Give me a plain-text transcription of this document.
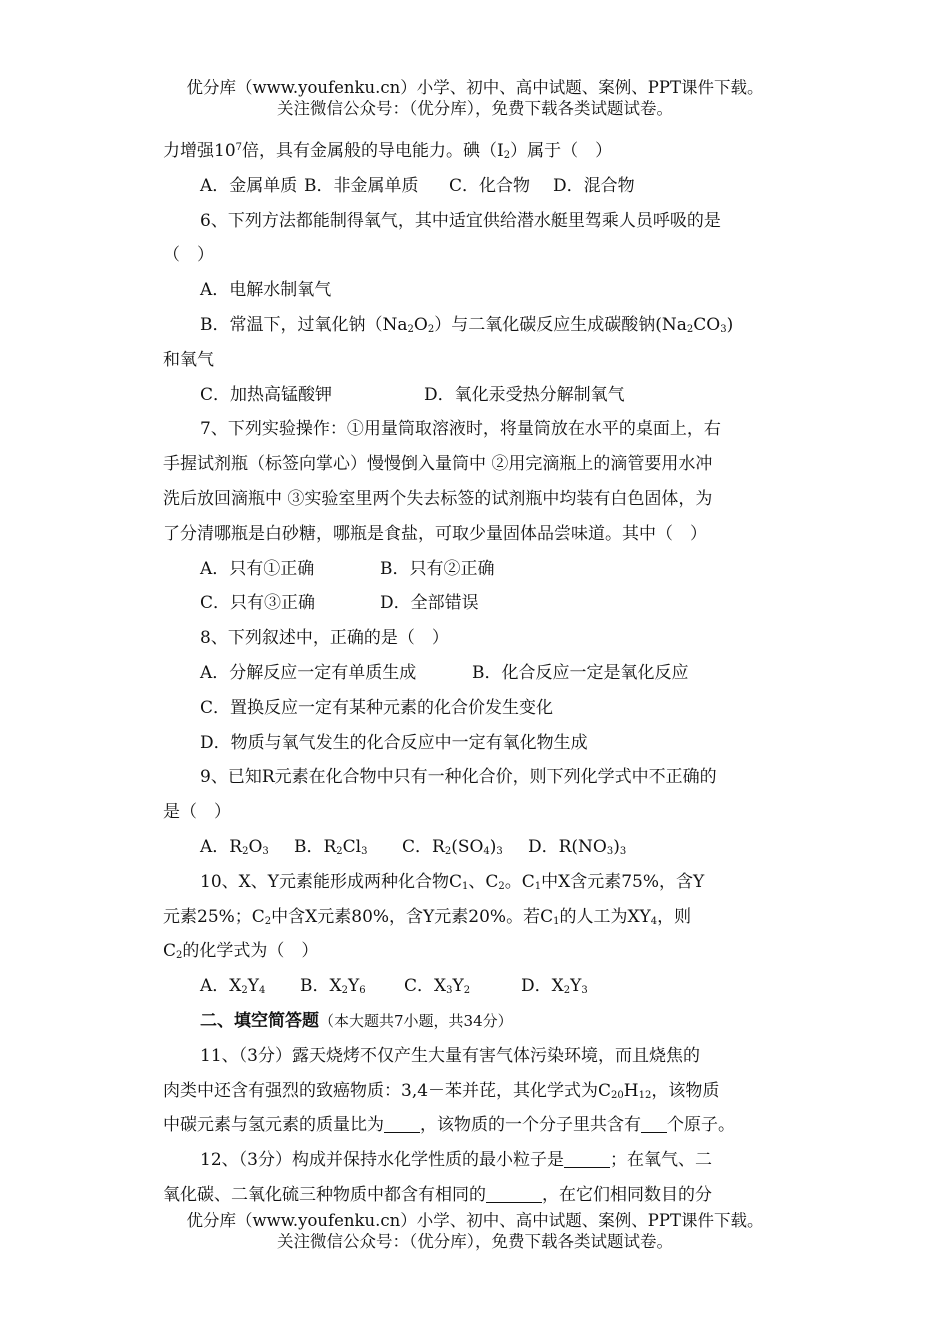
优分库（www.youfenku.cn）小学、初中、高中试题、案例、PPT课件下载。
关注微信公众号：（优分库），免费下载各类试题试卷。
力增强$10^7$倍，具有金属般的导电能力。碘$(I_2)$属于（　）
A．金属单质 B．非金属单质 C．化合物 D．混合物
6、下列方法都能制得氧气，其中适宜供给潜水艇里驾乘人员呼吸的是
（　）
A．电解水制氧气
B．常温下，过氧化钠$(Na_2O_2)$与二氧化碳反应生成碳酸钠$(Na_2CO_3)$
和氧气
C．加热高锰酸钾	D．氧化汞受热分解制氧气
7、下列实验操作：①用量筒取溶液时，将量筒放在水平的桌面上，右
手握试剂瓶（标签向掌心）慢慢倒入量筒中 ②用完滴瓶上的滴管要用水冲
洗后放回滴瓶中 ③实验室里两个失去标签的试剂瓶中均装有白色固体，为
了分清哪瓶是白砂糖，哪瓶是食盐，可取少量固体品尝味道。其中（　）
A．只有①正确	B．只有②正确
C．只有③正确	D．全部错误
8、下列叙述中，正确的是（　）
A．分解反应一定有单质生成	B．化合反应一定是氧化反应
C．置换反应一定有某种元素的化合价发生变化
D．物质与氧气发生的化合反应中一定有氧化物生成
9、已知R元素在化合物中只有一种化合价，则下列化学式中不正确的
是（　）
A．$R_2O_3$ B．$R_2Cl_3$ C．$R_2(SO_4)_3$ D．$R(NO_3)_3$
10、X、Y元素能形成两种化合物$C_1$、$C_2$。$C_1$中X含元素75%，含Y
元素25%；$C_2$中含X元素80%，含Y元素20%。若$C_1$的人工为$XY_4$，则
$C_2$的化学式为（　）
A．$X_2Y_4$ B．$X_2Y_6$ C．$X_3Y_2$	D．$X_2Y_3$
二、填空简答题（本大题共7小题，共34分）
11、（3分）露天烧烤不仅产生大量有害气体污染环境，而且烧焦的
肉类中还含有强烈的致癌物质：3,4－苯并芘，其化学式为$C_{20}H_{12}$，该物质
中碳元素与氢元素的质量比为 ，该物质的一个分子里共含有 个原子。
12、（3分）构成并保持水化学性质的最小粒子是	；在氧气、二
氧化碳、二氧化硫三种物质中都含有相同的	，在它们相同数目的分
优分库（www.youfenku.cn）小学、初中、高中试题、案例、PPT课件下载。
关注微信公众号：（优分库），免费下载各类试题试卷。
